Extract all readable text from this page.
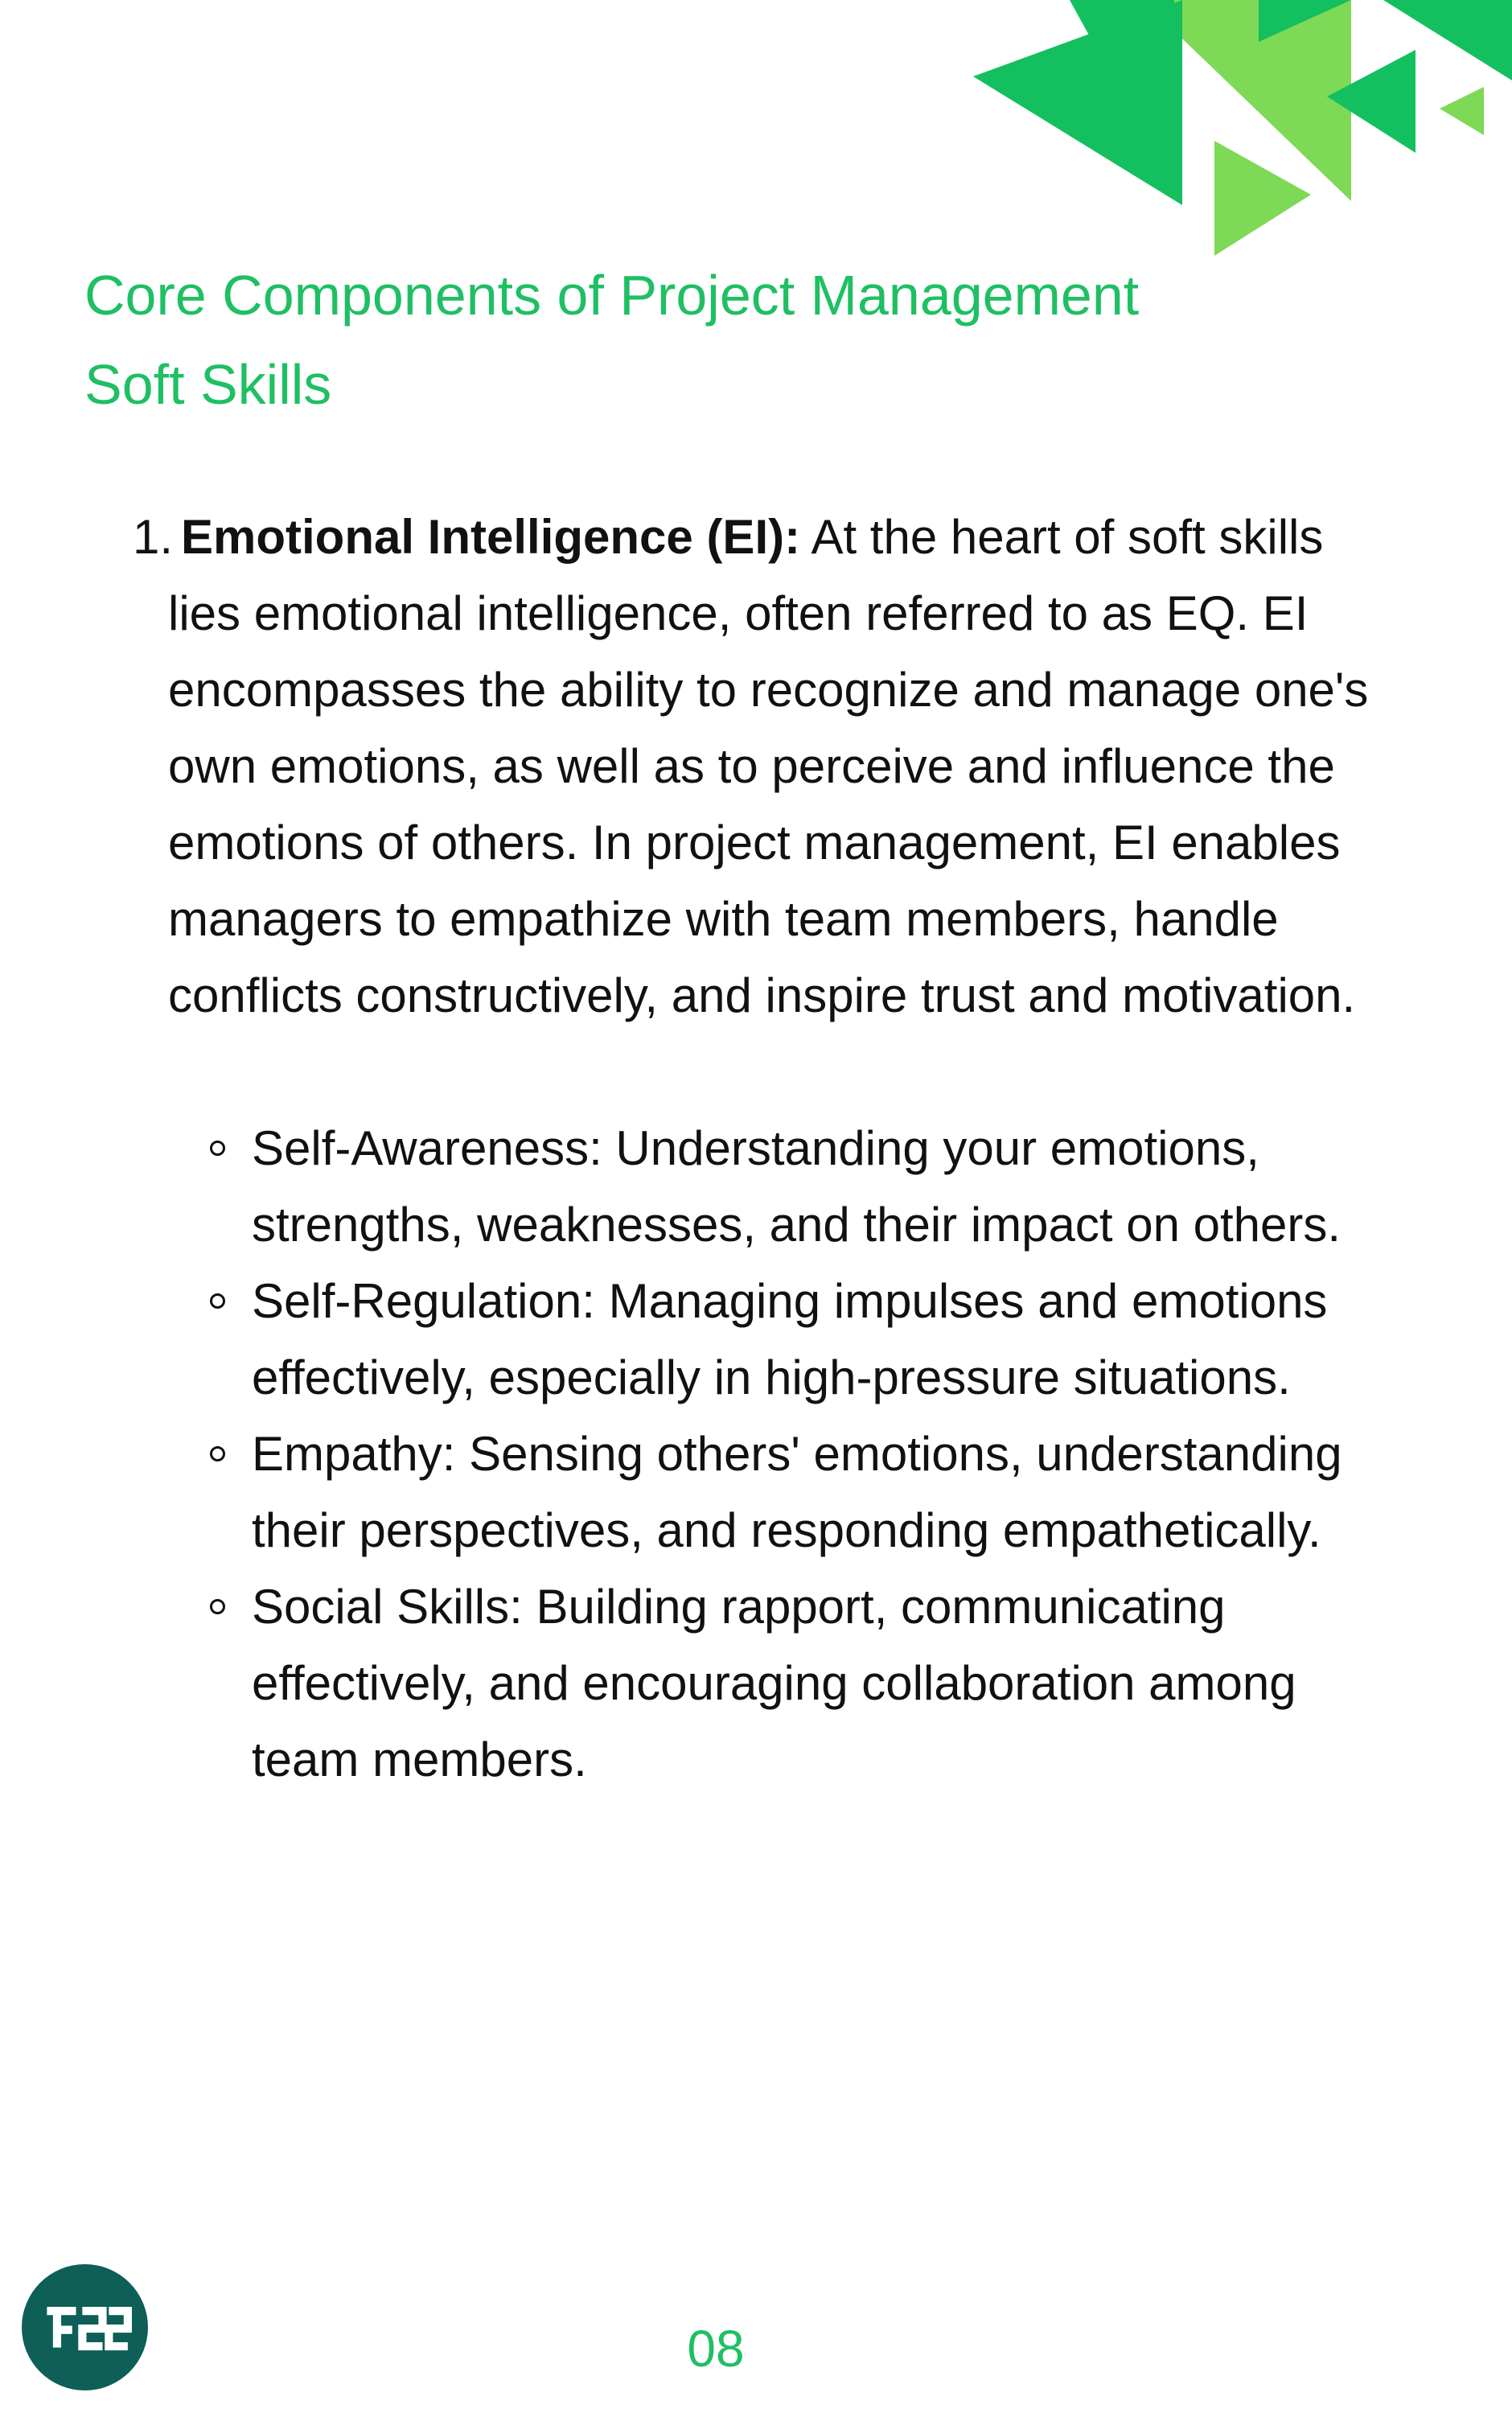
Core Components of Project Management
Soft Skills
1. Emotional Intelligence (EI): At the heart of soft skills lies emotional intelligence, often referred to as EQ. EI encompasses the ability to recognize and manage one's own emotions, as well as to perceive and influence the emotions of others. In project management, EI enables managers to empathize with team members, handle conflicts constructively, and inspire trust and motivation.

Self-Awareness: Understanding your emotions, strengths, weaknesses, and their impact on others.
Self-Regulation: Managing impulses and emotions effectively, especially in high-pressure situations.
Empathy: Sensing others' emotions, understanding their perspectives, and responding empathetically.
Social Skills: Building rapport, communicating effectively, and encouraging collaboration among team members.
08
